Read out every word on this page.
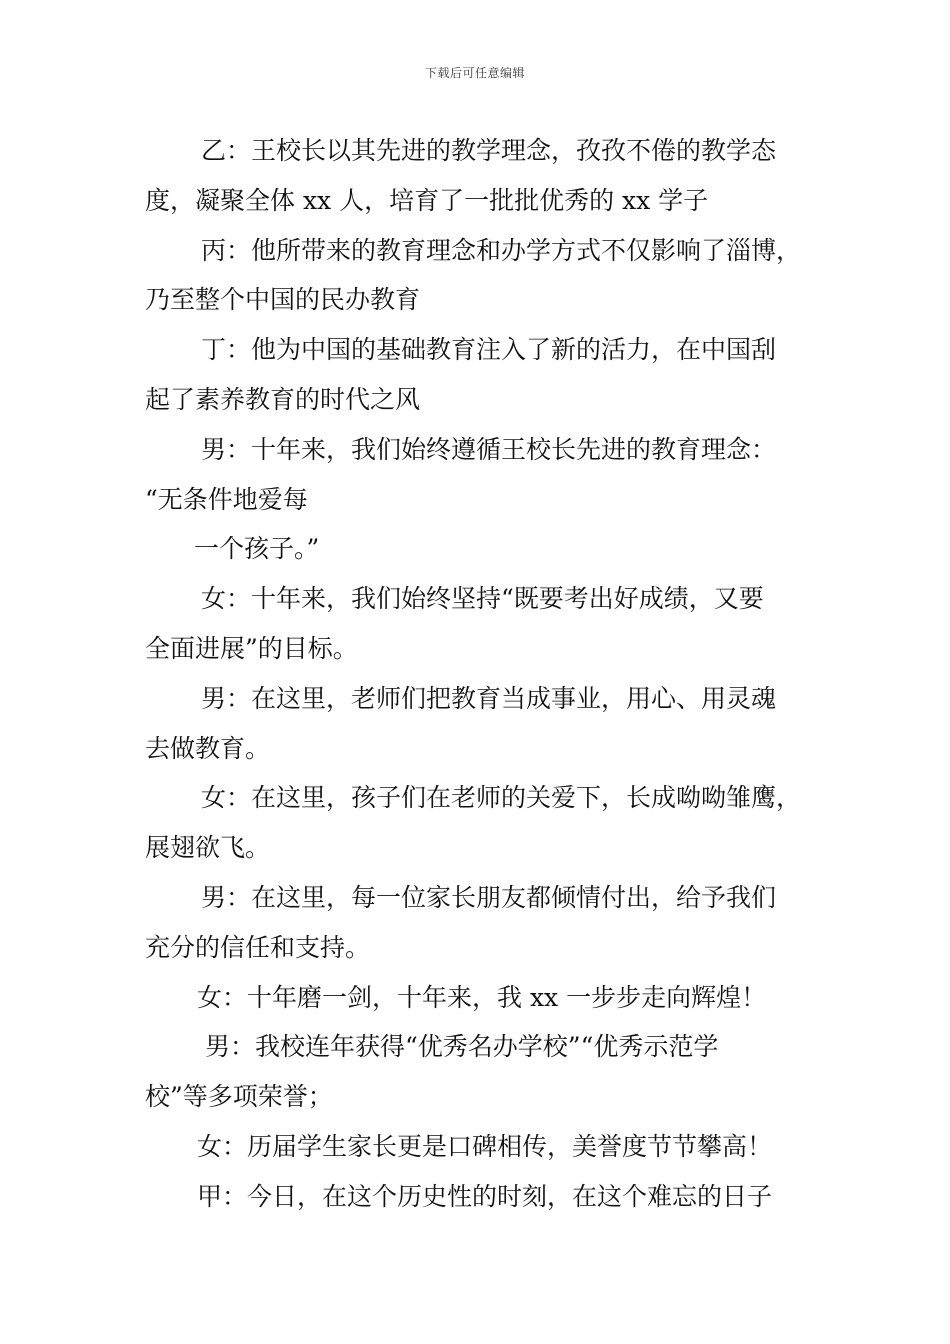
下载后可任意编辑
乙：王校长以其先进的教学理念，孜孜不倦的教学态
度，凝聚全体 xx 人，培育了一批批优秀的 xx 学子
丙：他所带来的教育理念和办学方式不仅影响了淄博，
乃至整个中国的民办教育
丁：他为中国的基础教育注入了新的活力，在中国刮
起了素养教育的时代之风
男：十年来，我们始终遵循王校长先进的教育理念：
“无条件地爱每
一个孩子。”
女：十年来，我们始终坚持“既要考出好成绩，又要
全面进展”的目标。
男：在这里，老师们把教育当成事业，用心、用灵魂
去做教育。
女：在这里，孩子们在老师的关爱下，长成呦呦雏鹰，
展翅欲飞。
男：在这里，每一位家长朋友都倾情付出，给予我们
充分的信任和支持。
女：十年磨一剑，十年来，我 xx 一步步走向辉煌！
男：我校连年获得“优秀名办学校”“优秀示范学
校”等多项荣誉；
女：历届学生家长更是口碑相传，美誉度节节攀高！
甲：今日，在这个历史性的时刻，在这个难忘的日子
